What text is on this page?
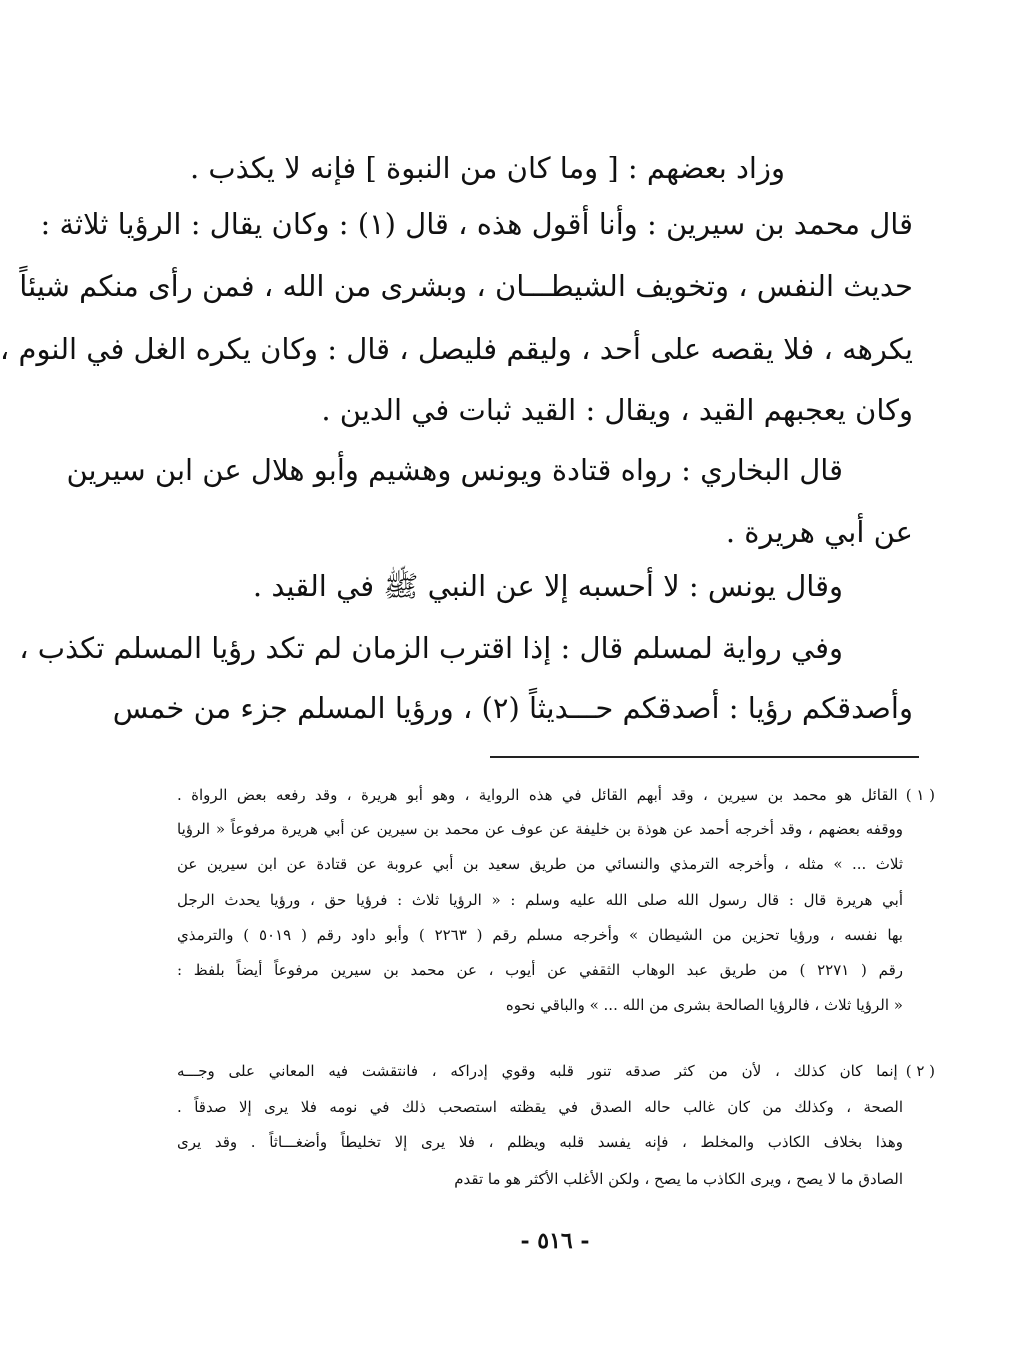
وزاد بعضهم : [ وما كان من النبوة ] فإنه لا يكذب .
قال محمد بن سيرين : وأنا أقول هذه ، قال (١) : وكان يقال : الرؤيا ثلاثة :
حديث النفس ، وتخويف الشيطـــان ، وبشرى من الله ، فمن رأى منكم شيئاً
يكرهه ، فلا يقصه على أحد ، وليقم فليصل ، قال : وكان يكره الغل في النوم ،
وكان يعجبهم القيد ، ويقال : القيد ثبات في الدين .
قال البخاري : رواه قتادة ويونس وهشيم وأبو هلال عن ابن سيرين
عن أبي هريرة .
وقال يونس : لا أحسبه إلا عن النبي ﷺ في القيد .
وفي رواية لمسلم قال : إذا اقترب الزمان لم تكد رؤيا المسلم تكذب ،
وأصدقكم رؤيا : أصدقكم حـــديثاً (٢) ، ورؤيا المسلم جزء من خمس
( ١ )القائل هو محمد بن سيرين ، وقد أبهم القائل في هذه الرواية ، وهو أبو هريرة ، وقد رفعه بعض الرواة .
ووقفه بعضهم ، وقد أخرجه أحمد عن هوذة بن خليفة عن عوف عن محمد بن سيرين عن أبي هريرة مرفوعاً « الرؤيا
ثلاث ... » مثله ، وأخرجه الترمذي والنسائي من طريق سعيد بن أبي عروبة عن قتادة عن ابن سيرين عن
أبي هريرة قال : قال رسول الله صلى الله عليه وسلم : « الرؤيا ثلاث : فرؤيا حق ، ورؤيا يحدث الرجل
بها نفسه ، ورؤيا تحزين من الشيطان » وأخرجه مسلم رقم ( ٢٢٦٣ ) وأبو داود رقم ( ٥٠١٩ ) والترمذي
رقم ( ٢٢٧١ ) من طريق عبد الوهاب الثقفي عن أيوب ، عن محمد بن سيرين مرفوعاً أيضاً بلفظ :
« الرؤيا ثلاث ، فالرؤيا الصالحة بشرى من الله ... » والباقي نحوه
( ٢ )إنما كان كذلك ، لأن من كثر صدقه تنور قلبه وقوي إدراكه ، فانتقشت فيه المعاني على وجـــه
الصحة ، وكذلك من كان غالب حاله الصدق في يقظته استصحب ذلك في نومه فلا يرى إلا صدقاً .
وهذا بخلاف الكاذب والمخلط ، فإنه يفسد قلبه ويظلم ، فلا يرى إلا تخليطاً وأضغـــاثاً . وقد يرى
الصادق ما لا يصح ، ويرى الكاذب ما يصح ، ولكن الأغلب الأكثر هو ما تقدم
- ٥١٦ -
